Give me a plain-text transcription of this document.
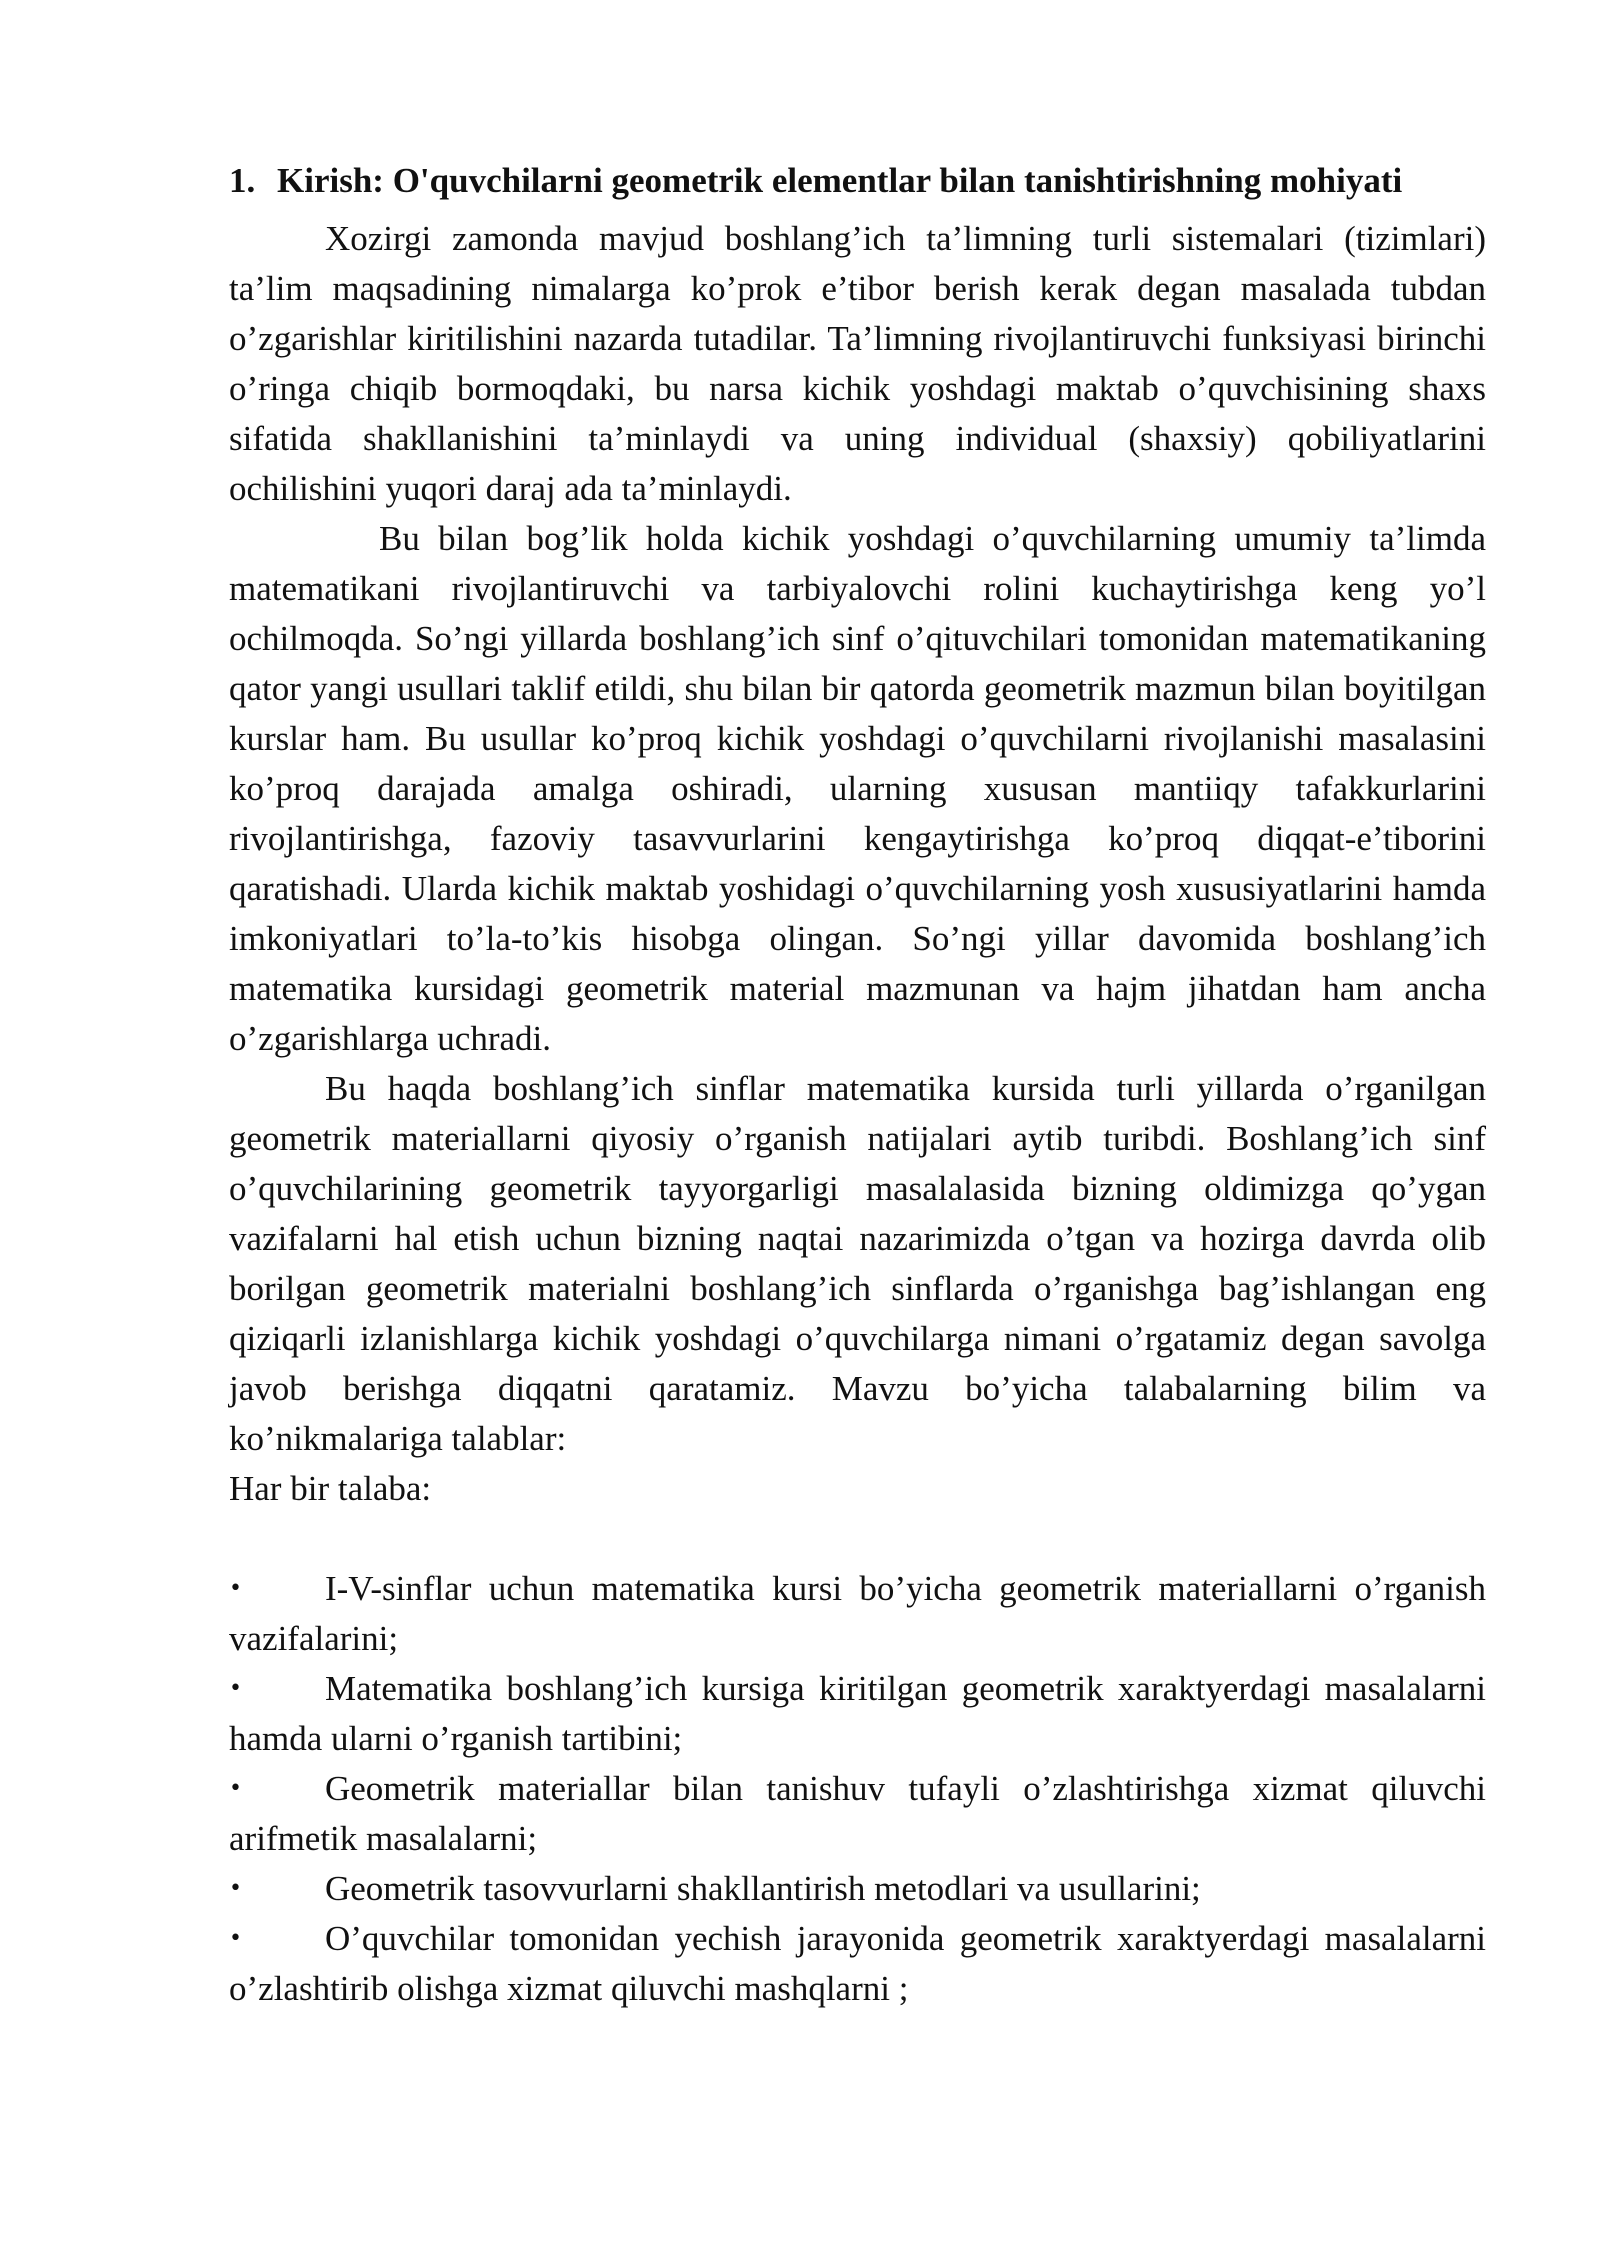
1. Kirish: O'quvchilarni geometrik elementlar bilan tanishtirishning mohiyati

Xozirgi zamonda mavjud boshlang’ich ta’limning turli sistemalari (tizimlari) ta’lim maqsadining nimalarga ko’prok e’tibor berish kerak degan masalada tubdan o’zgarishlar kiritilishini nazarda tutadilar. Ta’limning rivojlantiruvchi funksiyasi birinchi o’ringa chiqib bormoqdaki, bu narsa kichik yoshdagi maktab o’quvchisining shaxs sifatida shakllanishini ta’minlaydi va uning individual (shaxsiy) qobiliyatlarini ochilishini yuqori daraj ada ta’minlaydi.

Bu bilan bog’lik holda kichik yoshdagi o’quvchilarning umumiy ta’limda matematikani rivojlantiruvchi va tarbiyalovchi rolini kuchaytirishga keng yo’l ochilmoqda. So’ngi yillarda boshlang’ich sinf o’qituvchilari tomonidan matematikaning qator yangi usullari taklif etildi, shu bilan bir qatorda geometrik mazmun bilan boyitilgan kurslar ham. Bu usullar ko’proq kichik yoshdagi o’quvchilarni rivojlanishi masalasini ko’proq darajada amalga oshiradi, ularning xususan mantiiqy tafakkurlarini rivojlantirishga, fazoviy tasavvurlarini kengaytirishga ko’proq diqqat-e’tiborini qaratishadi. Ularda kichik maktab yoshidagi o’quvchilarning yosh xususiyatlarini hamda imkoniyatlari to’la-to’kis hisobga olingan. So’ngi yillar davomida boshlang’ich matematika kursidagi geometrik material mazmunan va hajm jihatdan ham ancha o’zgarishlarga uchradi.

Bu haqda boshlang’ich sinflar matematika kursida turli yillarda o’rganilgan geometrik materiallarni qiyosiy o’rganish natijalari aytib turibdi. Boshlang’ich sinf o’quvchilarining geometrik tayyorgarligi masalalasida bizning oldimizga qo’ygan vazifalarni hal etish uchun bizning naqtai nazarimizda o’tgan va hozirga davrda olib borilgan geometrik materialni boshlang’ich sinflarda o’rganishga bag’ishlangan eng qiziqarli izlanishlarga kichik yoshdagi o’quvchilarga nimani o’rgatamiz degan savolga javob berishga diqqatni qaratamiz. Mavzu bo’yicha talabalarning bilim va ko’nikmalariga talablar:

Har bir talaba:

• I-V-sinflar uchun matematika kursi bo’yicha geometrik materiallarni o’rganish vazifalarini;
• Matematika boshlang’ich kursiga kiritilgan geometrik xaraktyerdagi masalalarni hamda ularni o’rganish tartibini;
• Geometrik materiallar bilan tanishuv tufayli o’zlashtirishga xizmat qiluvchi arifmetik masalalarni;
• Geometrik tasovvurlarni shakllantirish metodlari va usullarini;
• O’quvchilar tomonidan yechish jarayonida geometrik xaraktyerdagi masalalarni o’zlashtirib olishga xizmat qiluvchi mashqlarni ;
